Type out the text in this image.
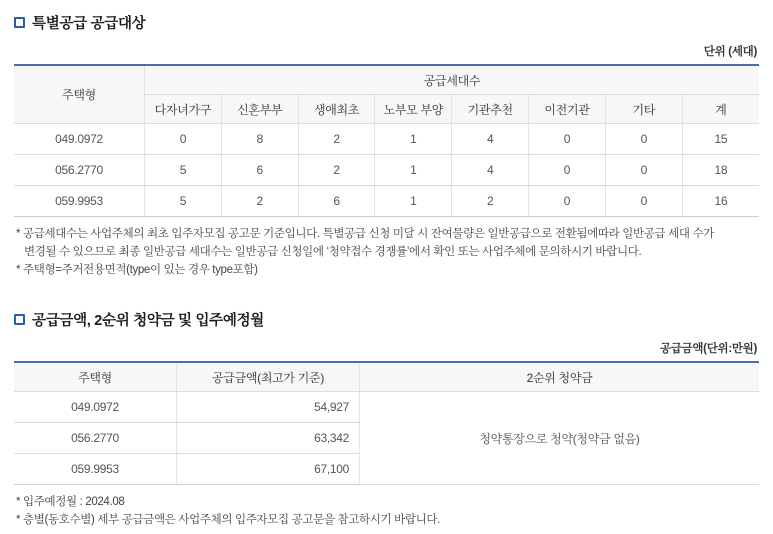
특별공급 공급대상
단위 (세대)
주택형	공급세대수							
	다자녀가구	신혼부부	생애최초	노부모 부양	기관추천	이전기관	기타	계
049.0972	0	8	2	1	4	0	0	15
056.2770	5	6	2	1	4	0	0	18
059.9953	5	2	6	1	2	0	0	16

* 공급세대수는 사업주체의 최초 입주자모집 공고문 기준입니다. 특별공급 신청 미달 시 잔여물량은 일반공급으로 전환됨에따라 일반공급 세대 수가

변경될 수 있으므로 최종 일반공급 세대수는 일반공급 신청일에 ‘청약접수 경쟁률’에서 확인 또는 사업주체에 문의하시기 바랍니다.

* 주택형=주거전용면적(type이 있는 경우 type포함)

공급금액, 2순위 청약금 및 입주예정월
공급금액(단위:만원)
주택형	공급금액(최고가 기준)	2순위 청약금
049.0972	54,927	청약통장으로 청약(청약금 없음)
056.2770	63,342	
059.9953	67,100	

* 입주예정월 : 2024.08

* 층별(동호수별) 세부 공급금액은 사업주체의 입주자모집 공고문을 참고하시기 바랍니다.
